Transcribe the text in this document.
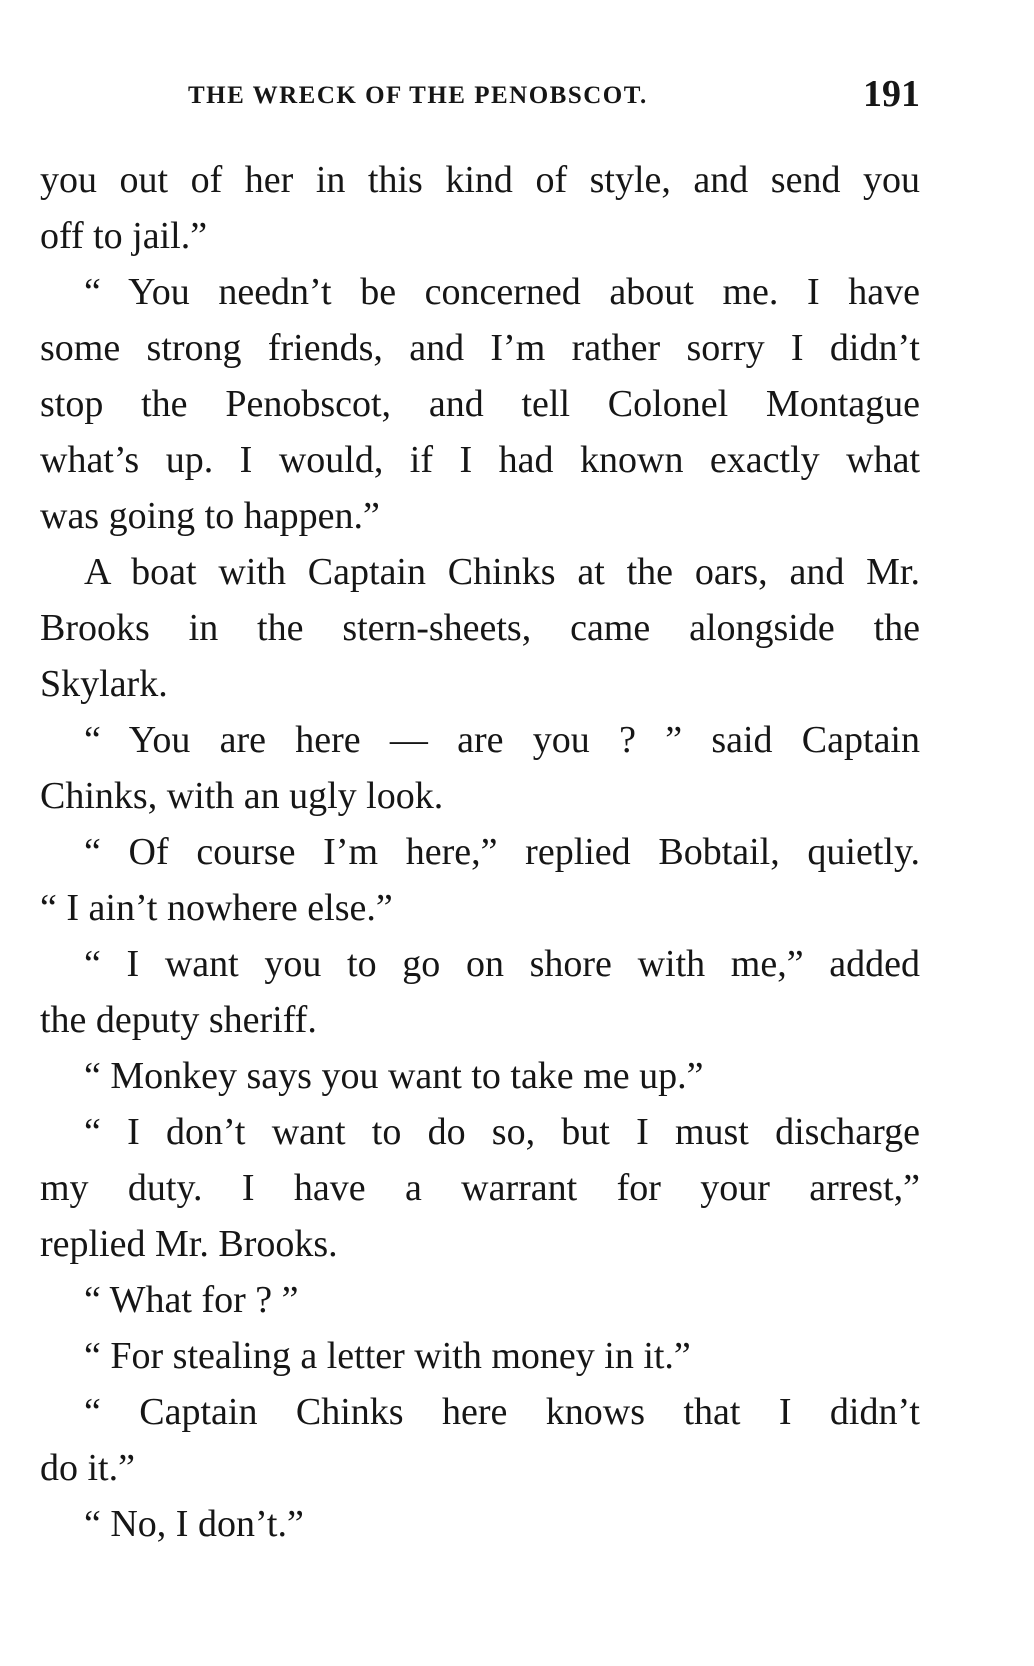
THE WRECK OF THE PENOBSCOT.	191
you out of her in this kind of style, and send you
off to jail.”
“ You needn’t be concerned about me. I have
some strong friends, and I’m rather sorry I didn’t
stop the Penobscot, and tell Colonel Montague
what’s up. I would, if I had known exactly what
was going to happen.”
A boat with Captain Chinks at the oars, and Mr.
Brooks in the stern-sheets, came alongside the
Skylark.
“ You are here — are you ? ” said Captain
Chinks, with an ugly look.
“ Of course I’m here,” replied Bobtail, quietly.
“ I ain’t nowhere else.”
“ I want you to go on shore with me,” added
the deputy sheriff.
“ Monkey says you want to take me up.”
“ I don’t want to do so, but I must discharge
my duty. I have a warrant for your arrest,”
replied Mr. Brooks.
“ What for ? ”
“ For stealing a letter with money in it.”
“ Captain Chinks here knows that I didn’t
do it.”
“ No, I don’t.”
